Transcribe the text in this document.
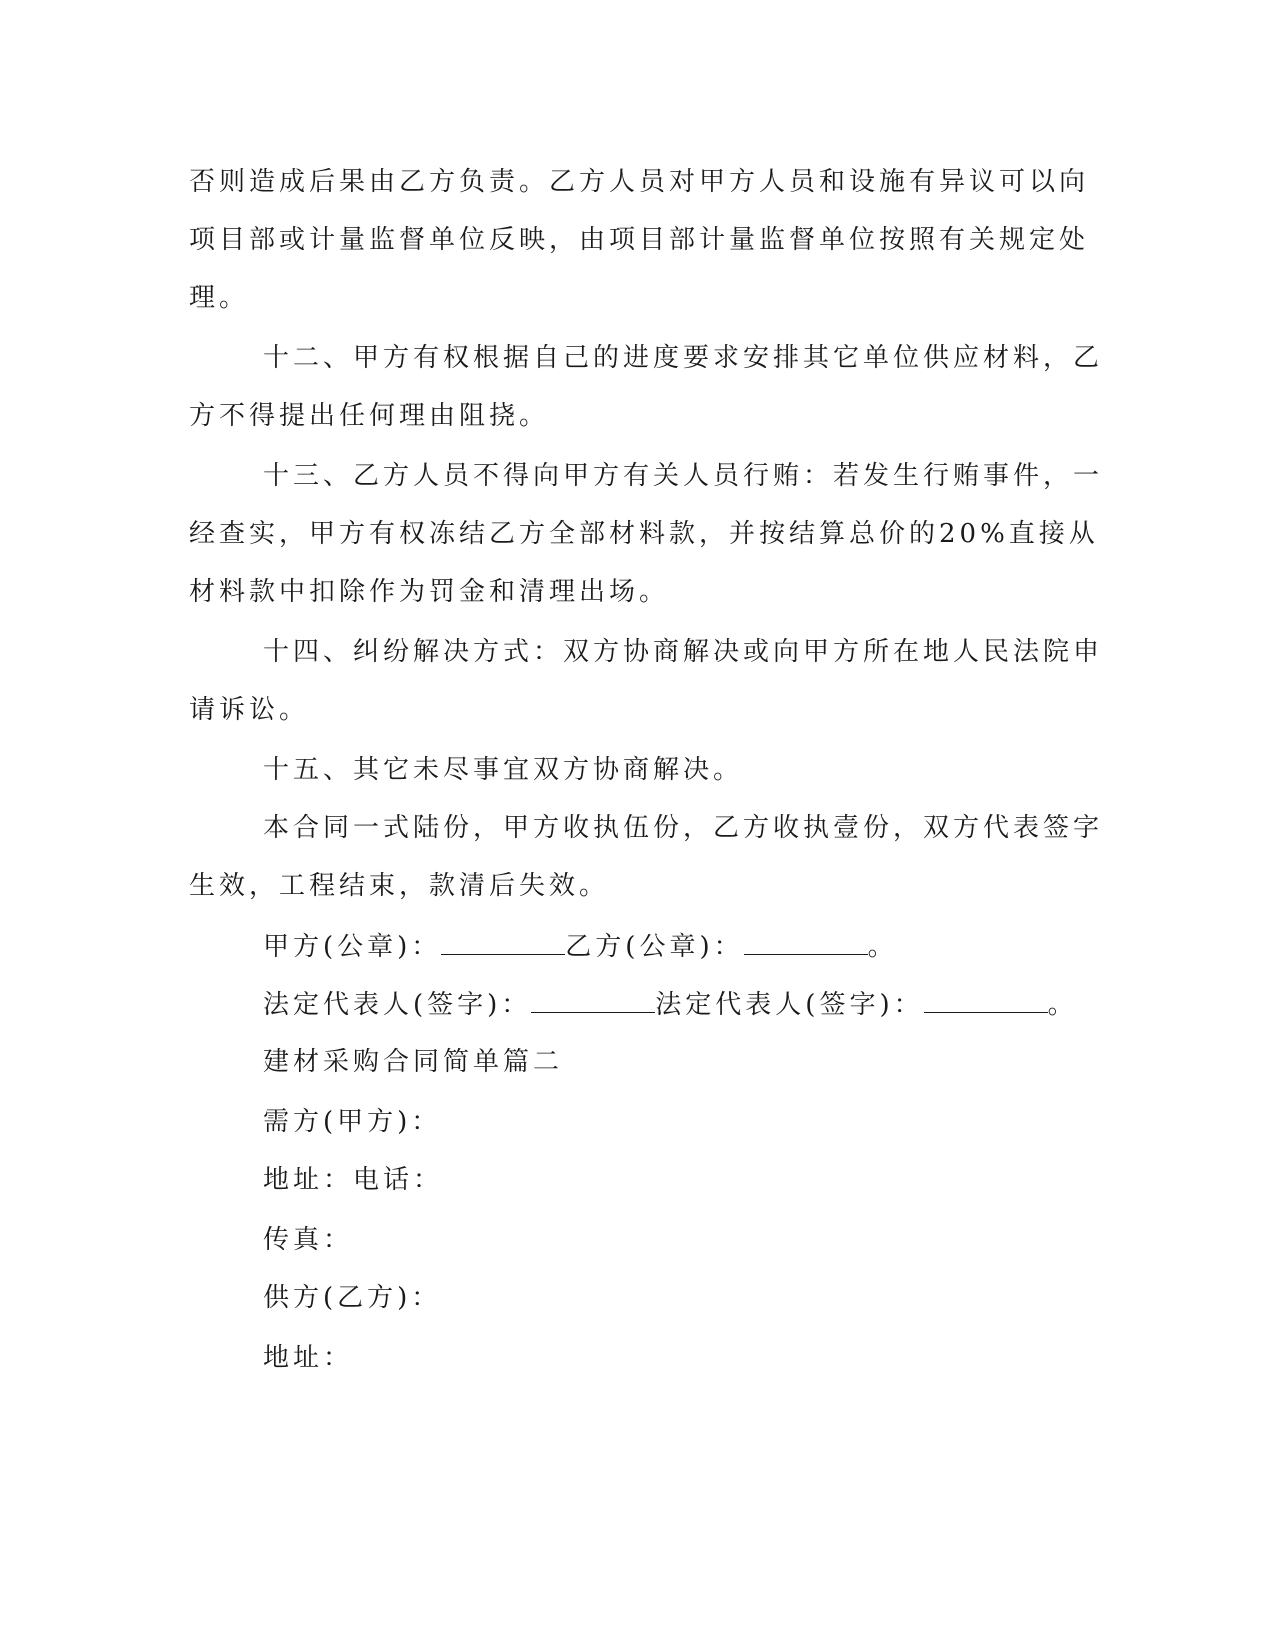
否则造成后果由乙方负责。乙方人员对甲方人员和设施有异议可以向
项目部或计量监督单位反映，由项目部计量监督单位按照有关规定处
理。
十二、甲方有权根据自己的进度要求安排其它单位供应材料，乙
方不得提出任何理由阻挠。
十三、乙方人员不得向甲方有关人员行贿：若发生行贿事件，一
经查实，甲方有权冻结乙方全部材料款，并按结算总价的20%直接从
材料款中扣除作为罚金和清理出场。
十四、纠纷解决方式：双方协商解决或向甲方所在地人民法院申
请诉讼。
十五、其它未尽事宜双方协商解决。
本合同一式陆份，甲方收执伍份，乙方收执壹份，双方代表签字
生效，工程结束，款清后失效。
甲方(公章)：	乙方(公章)：	。
法定代表人(签字)：	法定代表人(签字)：	。
建材采购合同简单篇二
需方(甲方)：
地址：电话：
传真：
供方(乙方)：
地址：
